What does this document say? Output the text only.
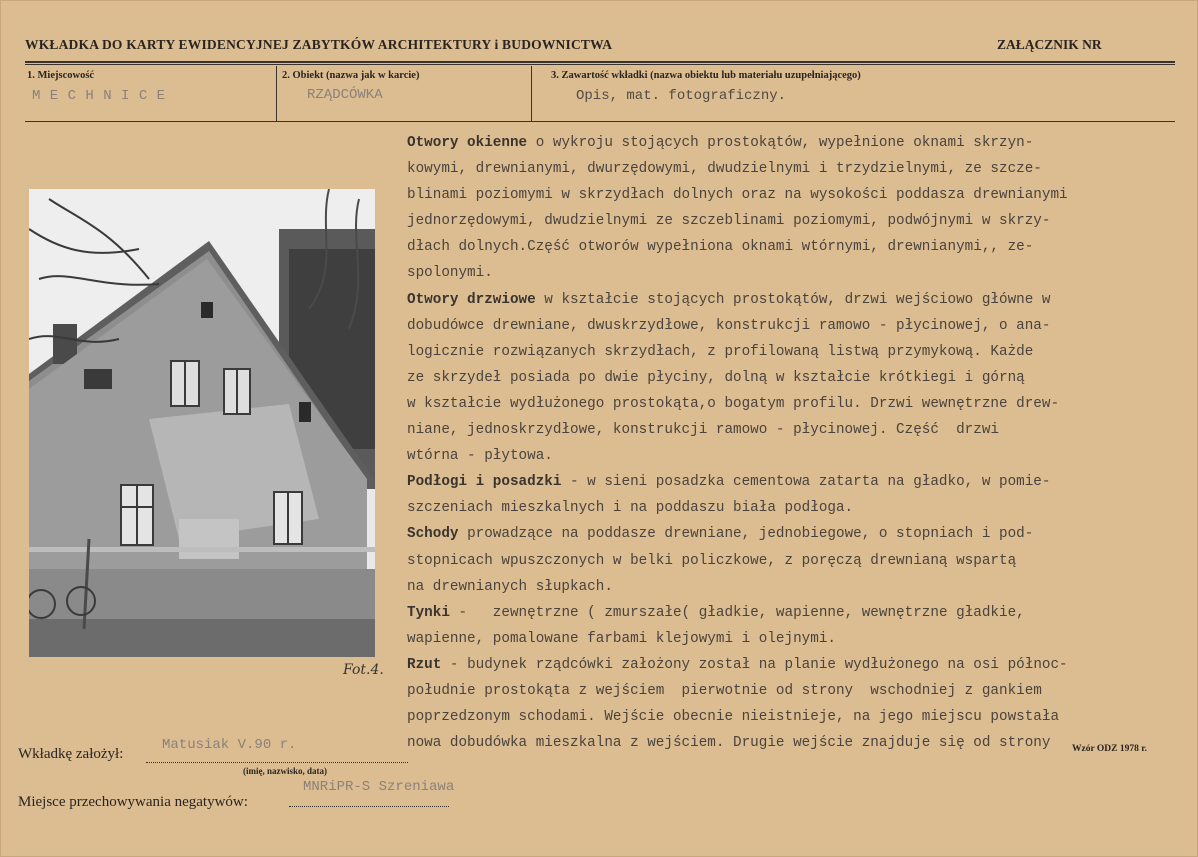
WKŁADKA DO KARTY EWIDENCYJNEJ ZABYTKÓW ARCHITEKTURY i BUDOWNICTWA	ZAŁĄCZNIK NR
1. Miejscowość
M E C H N I C E
2. Obiekt (nazwa jak w karcie)
RZĄDCÓWKA
3. Zawartość wkładki (nazwa obiektu lub materiału uzupełniającego)
Opis, mat. fotograficzny.
Fot.4.
Otwory okienne o wykroju stojących prostokątów, wypełnione oknami skrzyn-
kowymi, drewnianymi, dwurzędowymi, dwudzielnymi i trzydzielnymi, ze szcze-
blinami poziomymi w skrzydłach dolnych oraz na wysokości poddasza drewnianymi
jednorzędowymi, dwudzielnymi ze szczeblinami poziomymi, podwójnymi w skrzy-
dłach dolnych.Część otworów wypełniona oknami wtórnymi, drewnianymi,, ze-
spolonymi.
Otwory drzwiowe w kształcie stojących prostokątów, drzwi wejściowo główne w
dobudówce drewniane, dwuskrzydłowe, konstrukcji ramowo - płycinowej, o ana-
logicznie rozwiązanych skrzydłach, z profilowaną listwą przymykową. Każde
ze skrzydeł posiada po dwie płyciny, dolną w kształcie krótkiegi i górną
w kształcie wydłużonego prostokąta,o bogatym profilu. Drzwi wewnętrzne drew-
niane, jednoskrzydłowe, konstrukcji ramowo - płycinowej. Część  drzwi
wtórna - płytowa.
Podłogi i posadzki - w sieni posadzka cementowa zatarta na gładko, w pomie-
szczeniach mieszkalnych i na poddaszu biała podłoga.
Schody prowadzące na poddasze drewniane, jednobiegowe, o stopniach i pod-
stopnicach wpuszczonych w belki policzkowe, z poręczą drewnianą wspartą
na drewnianych słupkach.
Tynki -   zewnętrzne ( zmurszałe( gładkie, wapienne, wewnętrzne gładkie,
wapienne, pomalowane farbami klejowymi i olejnymi.
Rzut - budynek rządcówki założony został na planie wydłużonego na osi północ-
południe prostokąta z wejściem  pierwotnie od strony  wschodniej z gankiem
poprzedzonym schodami. Wejście obecnie nieistnieje, na jego miejscu powstała
nowa dobudówka mieszkalna z wejściem. Drugie wejście znajduje się od strony
Wkładkę założył:
Matusiak V.90 r.
(imię, nazwisko, data)
Miejsce przechowywania negatywów:
MNRiPR-S Szreniawa
Wzór ODZ 1978 r.
